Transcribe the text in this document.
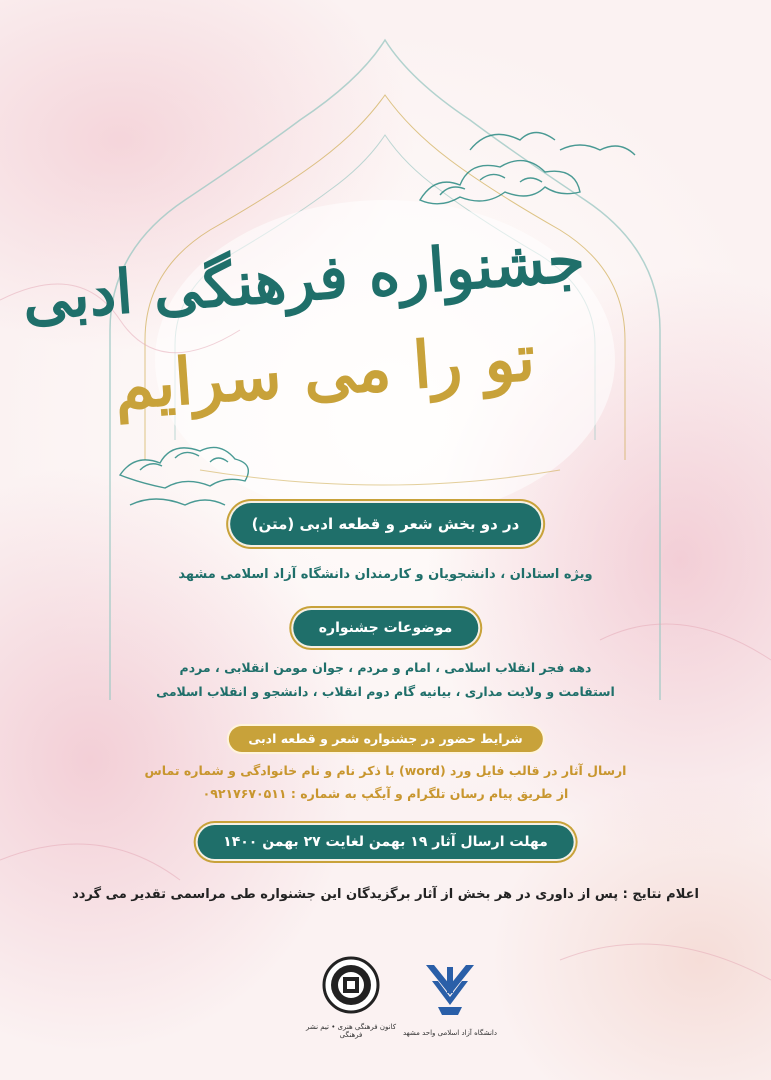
جشنواره فرهنگی ادبی
تو را می سرایم
در دو بخش شعر و قطعه ادبی (متن)
ویژه استادان ، دانشجویان و کارمندان دانشگاه آزاد اسلامی مشهد
موضوعات جشنواره
دهه فجر انقلاب اسلامی ، امام و مردم ، جوان مومن انقلابی ، مردم
استقامت و ولایت مداری ، بیانیه گام دوم انقلاب ، دانشجو و انقلاب اسلامی
شرایط حضور در جشنواره شعر و قطعه ادبی
ارسال آثار در قالب فایل ورد (word) با ذکر نام و نام خانوادگی و شماره تماس
از طریق پیام رسان تلگرام و آیگپ به شماره : ۰۹۲۱۷۶۷۰۵۱۱
مهلت ارسال آثار ۱۹ بهمن لغایت ۲۷ بهمن ۱۴۰۰
اعلام نتایج : پس از داوری در هر بخش از آثار برگزیدگان این جشنواره طی مراسمی تقدیر می گردد
کانون فرهنگی هنری • تیم نشر فرهنگی	دانشگاه آزاد اسلامی واحد مشهد
